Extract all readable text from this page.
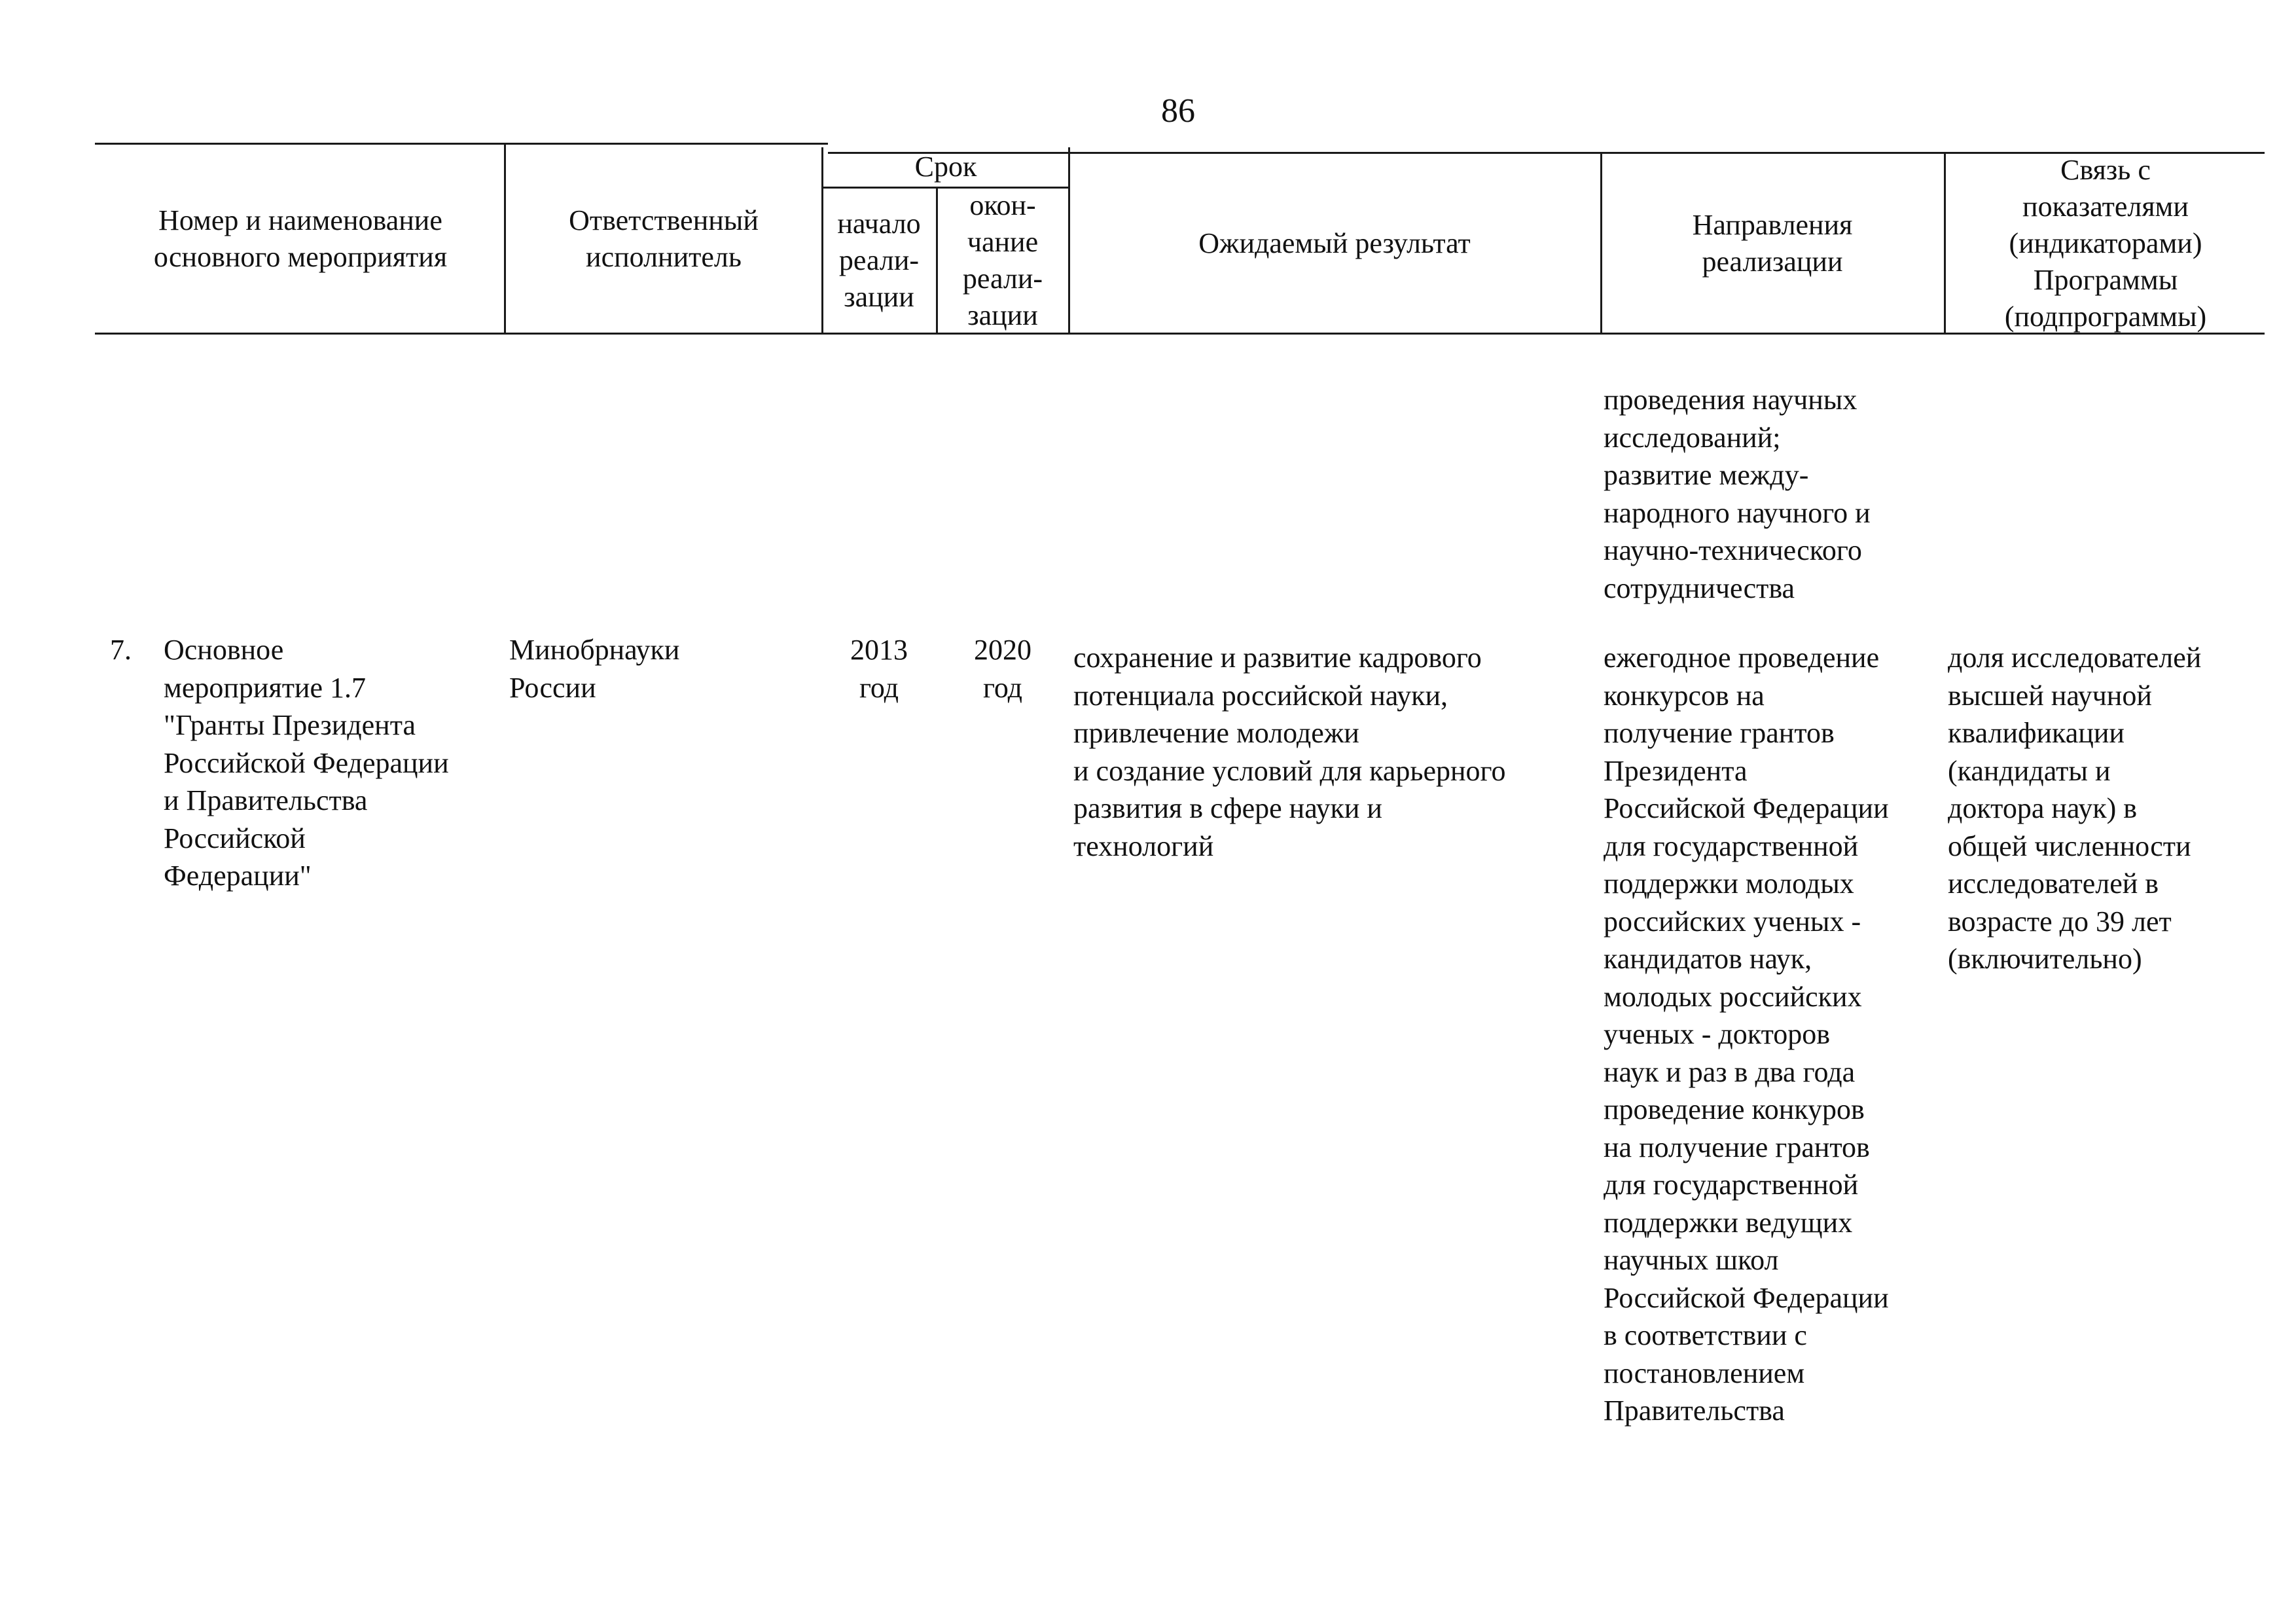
86
Номер и наименование
основного мероприятия
Ответственный
исполнитель
Срок
начало
реали-
зации
окон-
чание
реали-
зации
Ожидаемый результат
Направления
реализации
Связь с
показателями
(индикаторами)
Программы
(подпрограммы)
проведения научных
исследований;
развитие между-
народного научного и
научно-технического
сотрудничества
7.	Основное
мероприятие 1.7
"Гранты Президента
Российской Федерации
и Правительства
Российской
Федерации"
Минобрнауки
России
2013
год
2020
год
сохранение и развитие кадрового
потенциала российской науки,
привлечение молодежи
и создание условий для карьерного
развития в сфере науки и
технологий
ежегодное проведение
конкурсов на
получение грантов
Президента
Российской Федерации
для государственной
поддержки молодых
российских ученых -
кандидатов наук,
молодых российских
ученых - докторов
наук и раз в два года
проведение конкуров
на получение грантов
для государственной
поддержки ведущих
научных школ
Российской Федерации
в соответствии с
постановлением
Правительства
доля исследователей
высшей научной
квалификации
(кандидаты и
доктора наук) в
общей численности
исследователей в
возрасте до 39 лет
(включительно)
